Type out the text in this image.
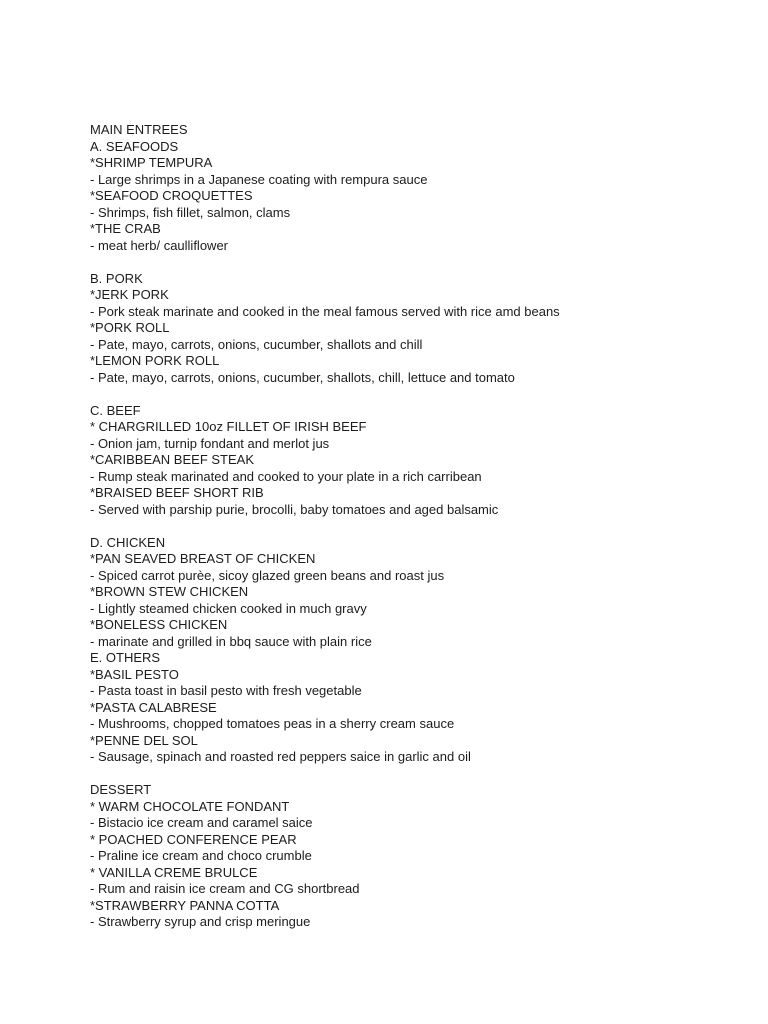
MAIN ENTREES
A. SEAFOODS
*SHRIMP TEMPURA
- Large shrimps in a Japanese coating with rempura sauce
*SEAFOOD CROQUETTES
- Shrimps, fish fillet, salmon, clams
*THE CRAB
- meat herb/ caulliflower
B. PORK
*JERK PORK
- Pork steak marinate and cooked in the meal famous served with rice amd beans
*PORK ROLL
- Pate, mayo, carrots, onions, cucumber, shallots and chill
*LEMON PORK ROLL
- Pate, mayo, carrots, onions, cucumber, shallots, chill, lettuce and tomato
C. BEEF
* CHARGRILLED 10oz FILLET OF IRISH BEEF
- Onion jam, turnip fondant and merlot jus
*CARIBBEAN BEEF STEAK
- Rump steak marinated and cooked to your plate in a rich carribean
*BRAISED BEEF SHORT RIB
- Served with parship purie, brocolli, baby tomatoes and aged balsamic
D. CHICKEN
*PAN SEAVED BREAST OF CHICKEN
- Spiced carrot purèe, sicoy glazed green beans and roast jus
*BROWN STEW CHICKEN
- Lightly steamed chicken cooked in much gravy
*BONELESS CHICKEN
- marinate and grilled in bbq sauce with plain rice
E. OTHERS
*BASIL PESTO
- Pasta toast in basil pesto with fresh vegetable
*PASTA CALABRESE
- Mushrooms, chopped tomatoes peas in a sherry cream sauce
*PENNE DEL SOL
- Sausage, spinach and roasted red peppers saice in garlic and oil
DESSERT
* WARM CHOCOLATE FONDANT
- Bistacio ice cream and caramel saice
* POACHED CONFERENCE PEAR
- Praline ice cream and choco crumble
* VANILLA CREME BRULCE
- Rum and raisin ice cream and CG shortbread
*STRAWBERRY PANNA COTTA
- Strawberry syrup and crisp meringue
